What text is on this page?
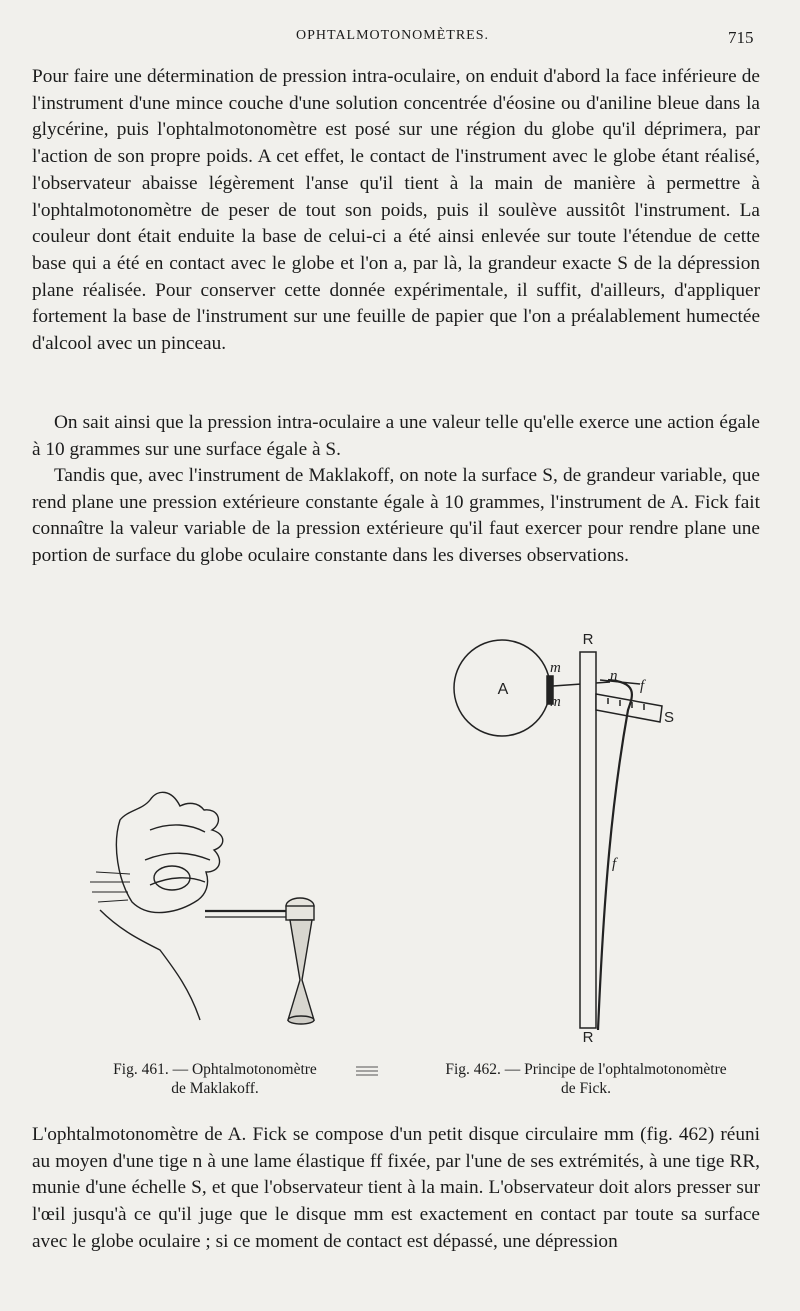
OPHTALMOTONOMÈTRES.	715

Pour faire une détermination de pression intra-oculaire, on enduit d'abord la face inférieure de l'instrument d'une mince couche d'une solution concentrée d'éosine ou d'aniline bleue dans la glycérine, puis l'ophtalmotonomètre est posé sur une région du globe qu'il déprimera, par l'action de son propre poids. A cet effet, le contact de l'instrument avec le globe étant réalisé, l'observateur abaisse légèrement l'anse qu'il tient à la main de manière à permettre à l'ophtalmotonomètre de peser de tout son poids, puis il soulève aussitôt l'instrument. La couleur dont était enduite la base de celui-ci a été ainsi enlevée sur toute l'étendue de cette base qui a été en contact avec le globe et l'on a, par là, la grandeur exacte S de la dépression plane réalisée. Pour conserver cette donnée expérimentale, il suffit, d'ailleurs, d'appliquer fortement la base de l'instrument sur une feuille de papier que l'on a préalablement humectée d'alcool avec un pinceau.

On sait ainsi que la pression intra-oculaire a une valeur telle qu'elle exerce une action égale à 10 grammes sur une surface égale à S.

Tandis que, avec l'instrument de Maklakoff, on note la surface S, de grandeur variable, que rend plane une pression extérieure constante égale à 10 grammes, l'instrument de A. Fick fait connaître la valeur variable de la pression extérieure qu'il faut exercer pour rendre plane une portion de surface du globe oculaire constante dans les diverses observations.

R
R
A
m
m
n
f
S
f
Fig. 461. — Ophtalmotonomètre
de Maklakoff.
Fig. 462. — Principe de l'ophtalmotonomètre
de Fick.

L'ophtalmotonomètre de A. Fick se compose d'un petit disque circulaire mm (fig. 462) réuni au moyen d'une tige n à une lame élastique ff fixée, par l'une de ses extrémités, à une tige RR, munie d'une échelle S, et que l'observateur tient à la main. L'observateur doit alors presser sur l'œil jusqu'à ce qu'il juge que le disque mm est exactement en contact par toute sa surface avec le globe oculaire ; si ce moment de contact est dépassé, une dépression
